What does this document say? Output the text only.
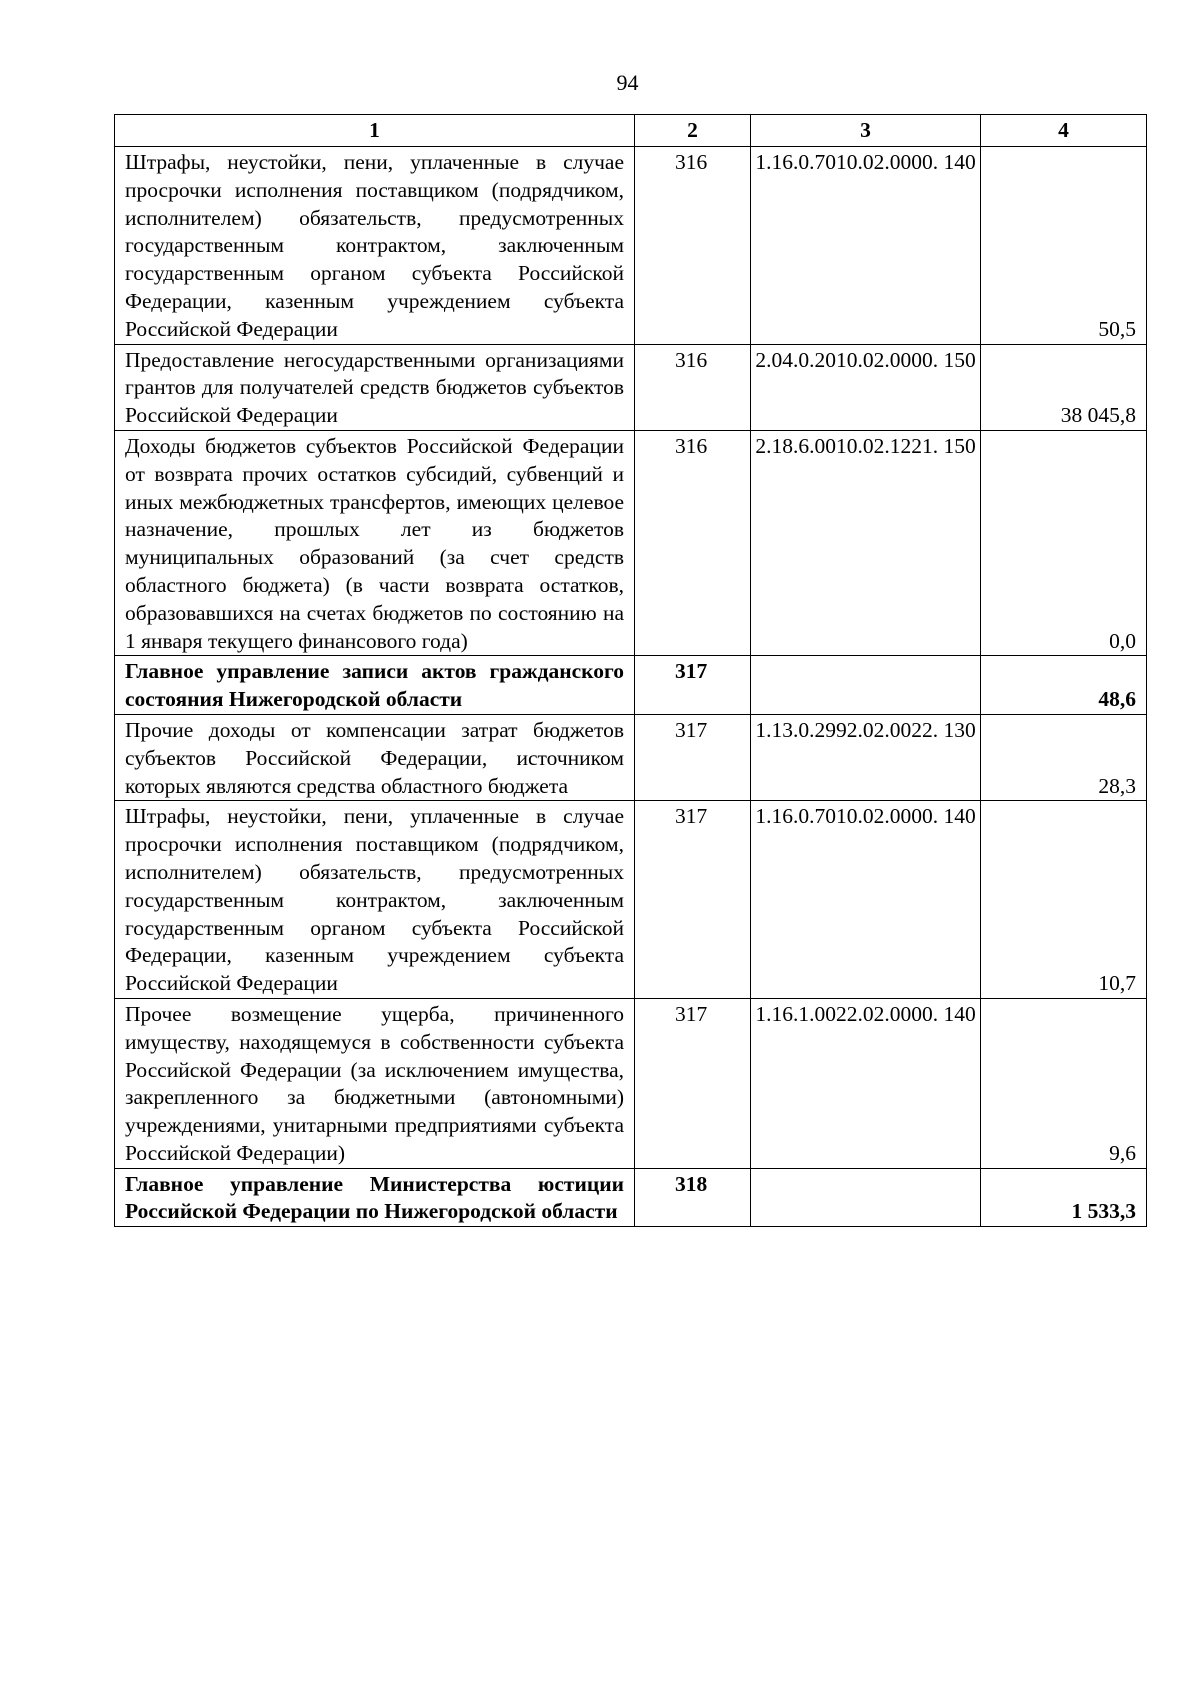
94
1	2	3	4
Штрафы, неустойки, пени, уплаченные в случае просрочки исполнения поставщиком (подрядчиком, исполнителем) обязательств, предусмотренных государственным контрактом, заключенным государственным органом субъекта Российской Федерации, казенным учреждением субъекта Российской Федерации	316	1.16.0.7010.02.0000. 140	50,5
Предоставление негосударственными организациями грантов для получателей средств бюджетов субъектов Российской Федерации	316	2.04.0.2010.02.0000. 150	38 045,8
Доходы бюджетов субъектов Российской Федерации от возврата прочих остатков субсидий, субвенций и иных межбюджетных трансфертов, имеющих целевое назначение, прошлых лет из бюджетов муниципальных образований (за счет средств областного бюджета) (в части возврата остатков, образовавшихся на счетах бюджетов по состоянию на 1 января текущего финансового года)	316	2.18.6.0010.02.1221. 150	0,0
Главное управление записи актов гражданского состояния Нижегородской области	317		48,6
Прочие доходы от компенсации затрат бюджетов субъектов Российской Федерации, источником которых являются средства областного бюджета	317	1.13.0.2992.02.0022. 130	28,3
Штрафы, неустойки, пени, уплаченные в случае просрочки исполнения поставщиком (подрядчиком, исполнителем) обязательств, предусмотренных государственным контрактом, заключенным государственным органом субъекта Российской Федерации, казенным учреждением субъекта Российской Федерации	317	1.16.0.7010.02.0000. 140	10,7
Прочее возмещение ущерба, причиненного имуществу, находящемуся в собственности субъекта Российской Федерации (за исключением имущества, закрепленного за бюджетными (автономными) учреждениями, унитарными предприятиями субъекта Российской Федерации)	317	1.16.1.0022.02.0000. 140	9,6
Главное управление Министерства юстиции Российской Федерации по Нижегородской области	318		1 533,3
